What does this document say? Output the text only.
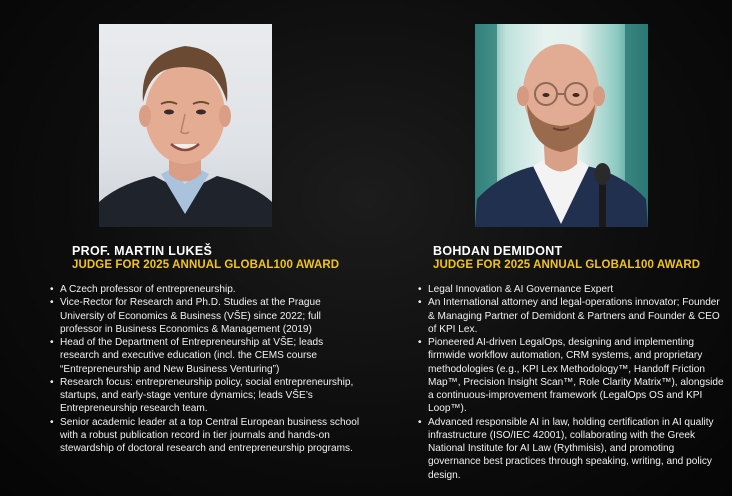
PROF. MARTIN LUKEŠ
JUDGE FOR 2025 ANNUAL GLOBAL100 AWARD
• A Czech professor of entrepreneurship.
• Vice-Rector for Research and Ph.D. Studies at the Prague University of Economics & Business (VŠE) since 2022; full professor in Business Economics & Management (2019)
• Head of the Department of Entrepreneurship at VŠE; leads research and executive education (incl. the CEMS course “Entrepreneurship and New Business Venturing”)
• Research focus: entrepreneurship policy, social entrepreneurship, startups, and early-stage venture dynamics; leads VŠE’s Entrepreneurship research team.
• Senior academic leader at a top Central European business school with a robust publication record in tier journals and hands-on stewardship of doctoral research and entrepreneurship programs.
BOHDAN DEMIDONT
JUDGE FOR 2025 ANNUAL GLOBAL100 AWARD
• Legal Innovation & AI Governance Expert
• An International attorney and legal-operations innovator; Founder & Managing Partner of Demidont & Partners and Founder & CEO of KPI Lex.
• Pioneered AI-driven LegalOps, designing and implementing firmwide workflow automation, CRM systems, and proprietary methodologies (e.g., KPI Lex Methodology™, Handoff Friction Map™, Precision Insight Scan™, Role Clarity Matrix™), alongside a continuous-improvement framework (LegalOps OS and KPI Loop™).
• Advanced responsible AI in law, holding certification in AI quality infrastructure (ISO/IEC 42001), collaborating with the Greek National Institute for AI Law (Rythmisis), and promoting governance best practices through speaking, writing, and policy design.
